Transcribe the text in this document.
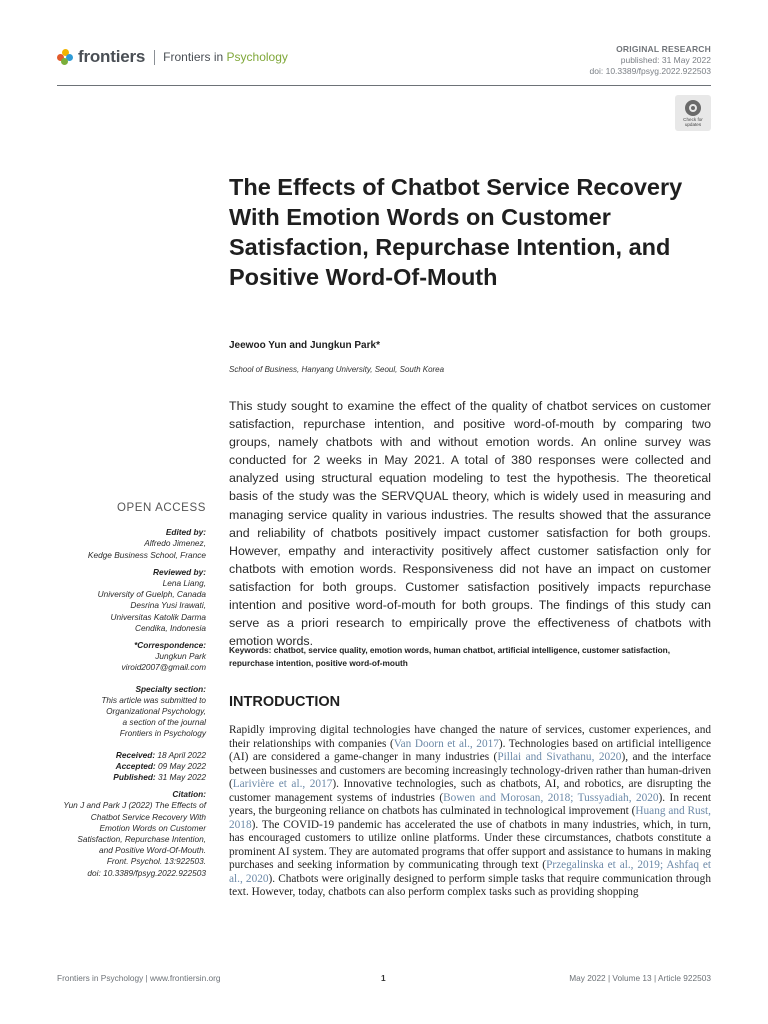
frontiers Frontiers in Psychology
ORIGINAL RESEARCH
published: 31 May 2022
doi: 10.3389/fpsyg.2022.922503
Check for updates
The Effects of Chatbot Service Recovery With Emotion Words on Customer Satisfaction, Repurchase Intention, and Positive Word-Of-Mouth
Jeewoo Yun and Jungkun Park*
School of Business, Hanyang University, Seoul, South Korea

This study sought to examine the effect of the quality of chatbot services on customer satisfaction, repurchase intention, and positive word-of-mouth by comparing two groups, namely chatbots with and without emotion words. An online survey was conducted for 2 weeks in May 2021. A total of 380 responses were collected and analyzed using structural equation modeling to test the hypothesis. The theoretical basis of the study was the SERVQUAL theory, which is widely used in measuring and managing service quality in various industries. The results showed that the assurance and reliability of chatbots positively impact customer satisfaction for both groups. However, empathy and interactivity positively affect customer satisfaction only for chatbots with emotion words. Responsiveness did not have an impact on customer satisfaction for both groups. Customer satisfaction positively impacts repurchase intention and positive word-of-mouth for both groups. The findings of this study can serve as a priori research to empirically prove the effectiveness of chatbots with emotion words.

Keywords: chatbot, service quality, emotion words, human chatbot, artificial intelligence, customer satisfaction, repurchase intention, positive word-of-mouth

INTRODUCTION

Rapidly improving digital technologies have changed the nature of services, customer experiences, and their relationships with companies (Van Doorn et al., 2017). Technologies based on artificial intelligence (AI) are considered a game-changer in many industries (Pillai and Sivathanu, 2020), and the interface between businesses and customers are becoming increasingly technology-driven rather than human-driven (Larivière et al., 2017). Innovative technologies, such as chatbots, AI, and robotics, are disrupting the customer management systems of industries (Bowen and Morosan, 2018; Tussyadiah, 2020). In recent years, the burgeoning reliance on chatbots has culminated in technological improvement (Huang and Rust, 2018). The COVID-19 pandemic has accelerated the use of chatbots in many industries, which, in turn, has encouraged customers to utilize online platforms. Under these circumstances, chatbots constitute a prominent AI system. They are automated programs that offer support and assistance to humans in making purchases and seeking information by communicating through text (Przegalinska et al., 2019; Ashfaq et al., 2020). Chatbots were originally designed to perform simple tasks that require communication through text. However, today, chatbots can also perform complex tasks such as providing shopping

OPEN ACCESS
Edited by:
Alfredo Jimenez,
Kedge Business School, France
Reviewed by:
Lena Liang,
University of Guelph, Canada
Desrina Yusi Irawati,
Universitas Katolik Darma
Cendika, Indonesia
*Correspondence:
Jungkun Park
viroid2007@gmail.com
Specialty section:
This article was submitted to
Organizational Psychology,
a section of the journal
Frontiers in Psychology
Received: 18 April 2022
Accepted: 09 May 2022
Published: 31 May 2022
Citation:
Yun J and Park J (2022) The Effects of
Chatbot Service Recovery With
Emotion Words on Customer
Satisfaction, Repurchase Intention,
and Positive Word-Of-Mouth.
Front. Psychol. 13:922503.
doi: 10.3389/fpsyg.2022.922503
Frontiers in Psychology | www.frontiersin.org	1	May 2022 | Volume 13 | Article 922503
